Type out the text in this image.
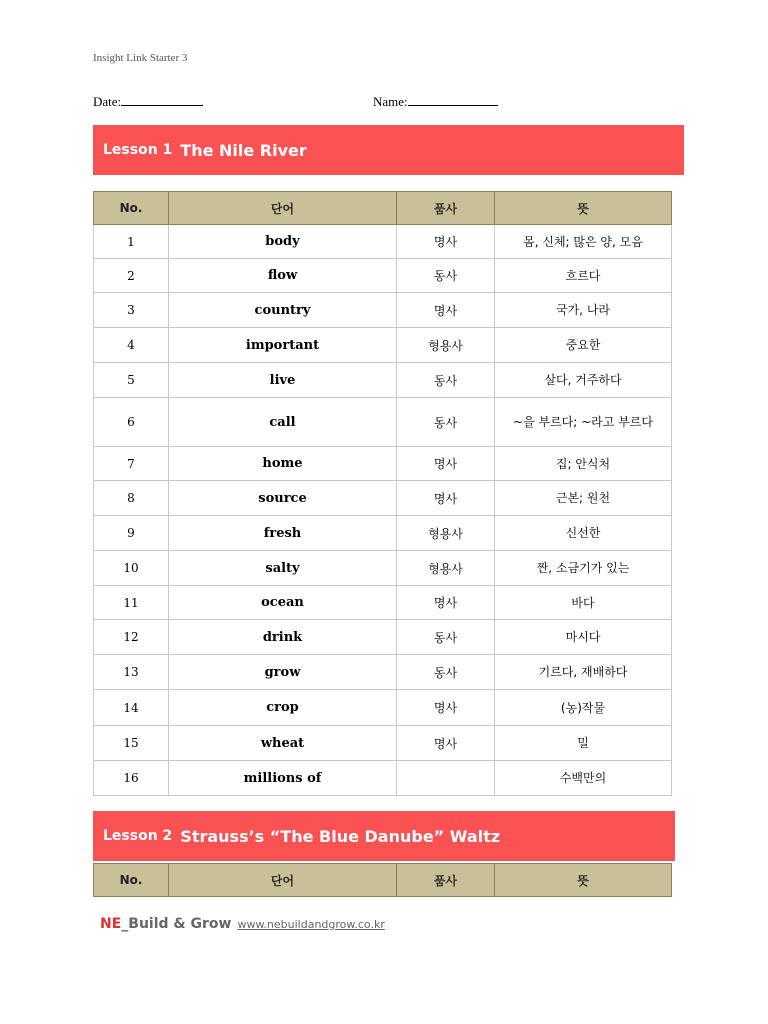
Insight Link Starter 3
Date:	Name:
Lesson 1 The Nile River
No.	단어	품사	뜻
1	body	명사	몸, 신체; 많은 양, 모음
2	flow	동사	흐르다
3	country	명사	국가, 나라
4	important	형용사	중요한
5	live	동사	살다, 거주하다
6	call	동사	~을 부르다; ~라고 부르다
7	home	명사	집; 안식처
8	source	명사	근본; 원천
9	fresh	형용사	신선한
10	salty	형용사	짠, 소금기가 있는
11	ocean	명사	바다
12	drink	동사	마시다
13	grow	동사	기르다, 재배하다
14	crop	명사	(농)작물
15	wheat	명사	밀
16	millions of		수백만의
Lesson 2 Strauss’s “The Blue Danube” Waltz
No.	단어	품사	뜻
NE_Build & Grow www.nebuildandgrow.co.kr
